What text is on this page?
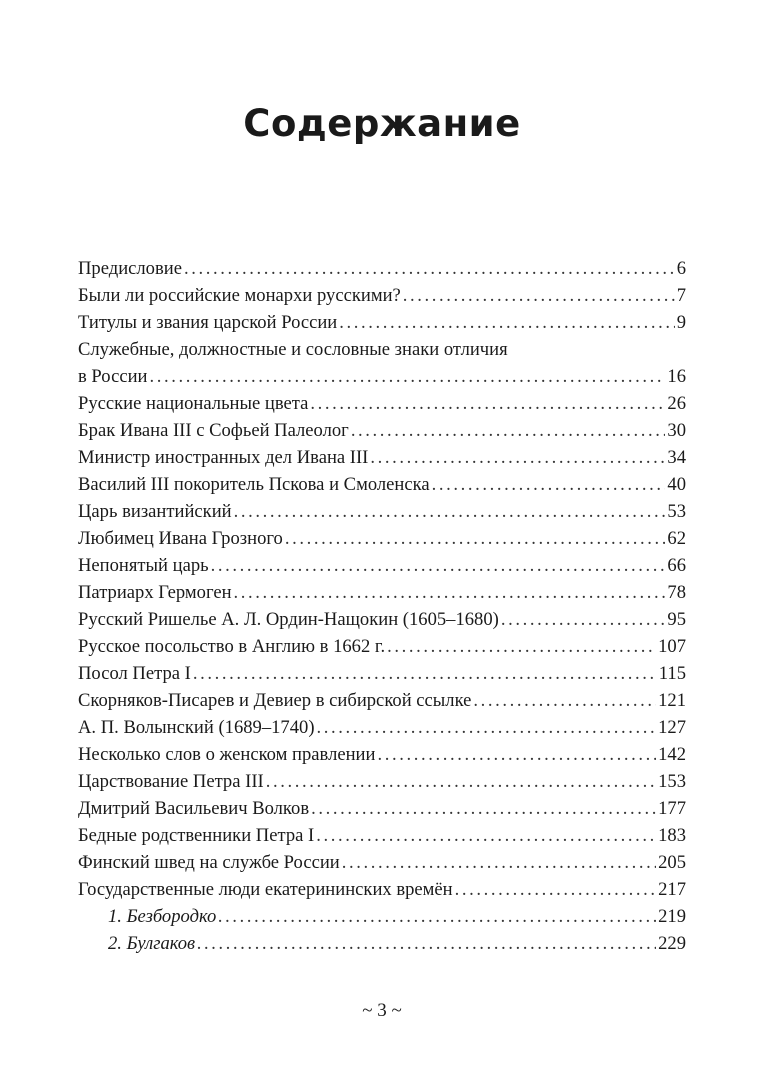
Содержание
Предисловие .....	6
Были ли российские монархи русскими? .....	7
Титулы и звания царской России .....	9
Служебные, должностные и сословные знаки отличия
в России .....	16
Русские национальные цвета .....	26
Брак Ивана III с Софьей Палеолог .....	30
Министр иностранных дел Ивана III .....	34
Василий III покоритель Пскова и Смоленска .....	40
Царь византийский .....	53
Любимец Ивана Грозного .....	62
Непонятый царь .....	66
Патриарх Гермоген .....	78
Русский Ришелье А. Л. Ордин-Нащокин (1605–1680) .....	95
Русское посольство в Англию в 1662 г. .....	107
Посол Петра I .....	115
Скорняков-Писарев и Девиер в сибирской ссылке .....	121
А. П. Волынский (1689–1740) .....	127
Несколько слов о женском правлении .....	142
Царствование Петра III .....	153
Дмитрий Васильевич Волков .....	177
Бедные родственники Петра I .....	183
Финский швед на службе России .....	205
Государственные люди екатерининских времён .....	217
1. Безбородко .....	219
2. Булгаков .....	229
~ 3 ~
